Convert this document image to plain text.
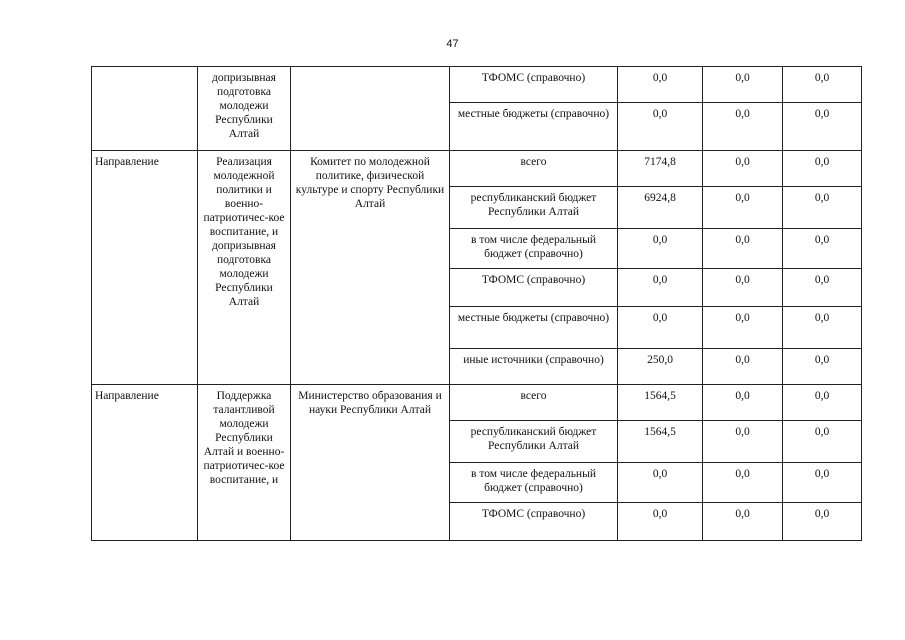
47
	допризывная подготовка молодежи Республики Алтай		ТФОМС (справочно)	0,0	0,0	0,0
			местные бюджеты (справочно)	0,0	0,0	0,0
Направление	Реализация молодежной политики и военно-патриотичес-кое воспитание, и допризывная подготовка молодежи Республики Алтай	Комитет по молодежной политике, физической культуре и спорту Республики Алтай	всего	7174,8	0,0	0,0
			республиканский бюджет Республики Алтай	6924,8	0,0	0,0
			в том числе федеральный бюджет (справочно)	0,0	0,0	0,0
			ТФОМС (справочно)	0,0	0,0	0,0
			местные бюджеты (справочно)	0,0	0,0	0,0
			иные источники (справочно)	250,0	0,0	0,0
Направление	Поддержка талантливой молодежи Республики Алтай и военно-патриотичес-кое воспитание, и	Министерство образования и науки Республики Алтай	всего	1564,5	0,0	0,0
			республиканский бюджет Республики Алтай	1564,5	0,0	0,0
			в том числе федеральный бюджет (справочно)	0,0	0,0	0,0
			ТФОМС (справочно)	0,0	0,0	0,0
